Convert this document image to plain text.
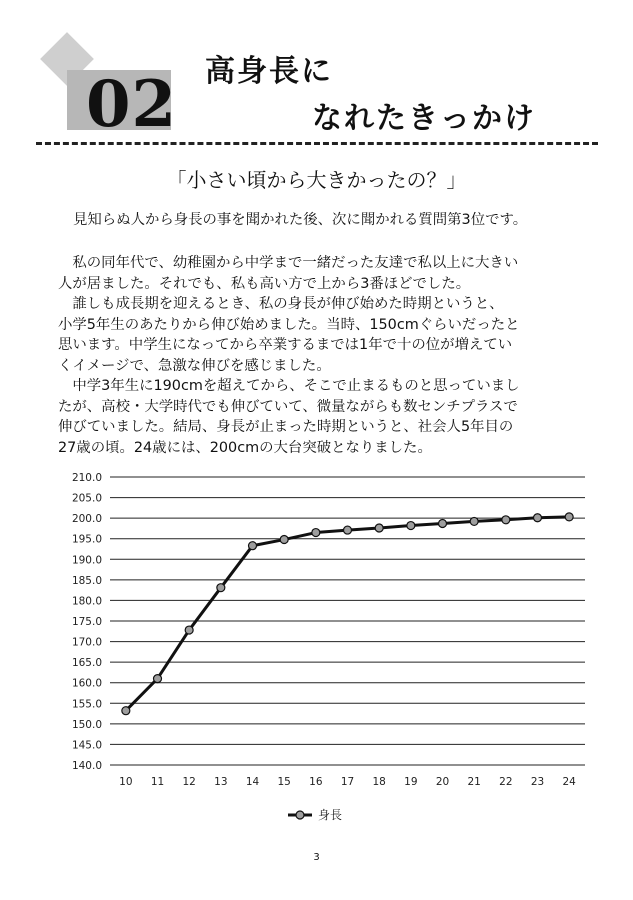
02 高身長に
なれたきっかけ
「小さい頃から大きかったの？」
見知らぬ人から身長の事を聞かれた後、次に聞かれる質問第3位です。
　私の同年代で、幼稚園から中学まで一緒だった友達で私以上に大きい
人が居ました。それでも、私も高い方で上から3番ほどでした。
　誰しも成長期を迎えるとき、私の身長が伸び始めた時期というと、
小学5年生のあたりから伸び始めました。当時、150cmぐらいだったと
思います。中学生になってから卒業するまでは1年で十の位が増えてい
くイメージで、急激な伸びを感じました。
　中学3年生に190cmを超えてから、そこで止まるものと思っていまし
たが、高校・大学時代でも伸びていて、微量ながらも数センチプラスで
伸びていました。結局、身長が止まった時期というと、社会人5年目の
27歳の頃。24歳には、200cmの大台突破となりました。
140.0
145.0
150.0
155.0
160.0
165.0
170.0
175.0
180.0
185.0
190.0
195.0
200.0
205.0
210.0
10 11 12 13 14 15 16 17 18 19 20 21 22 23 24
身長
3
